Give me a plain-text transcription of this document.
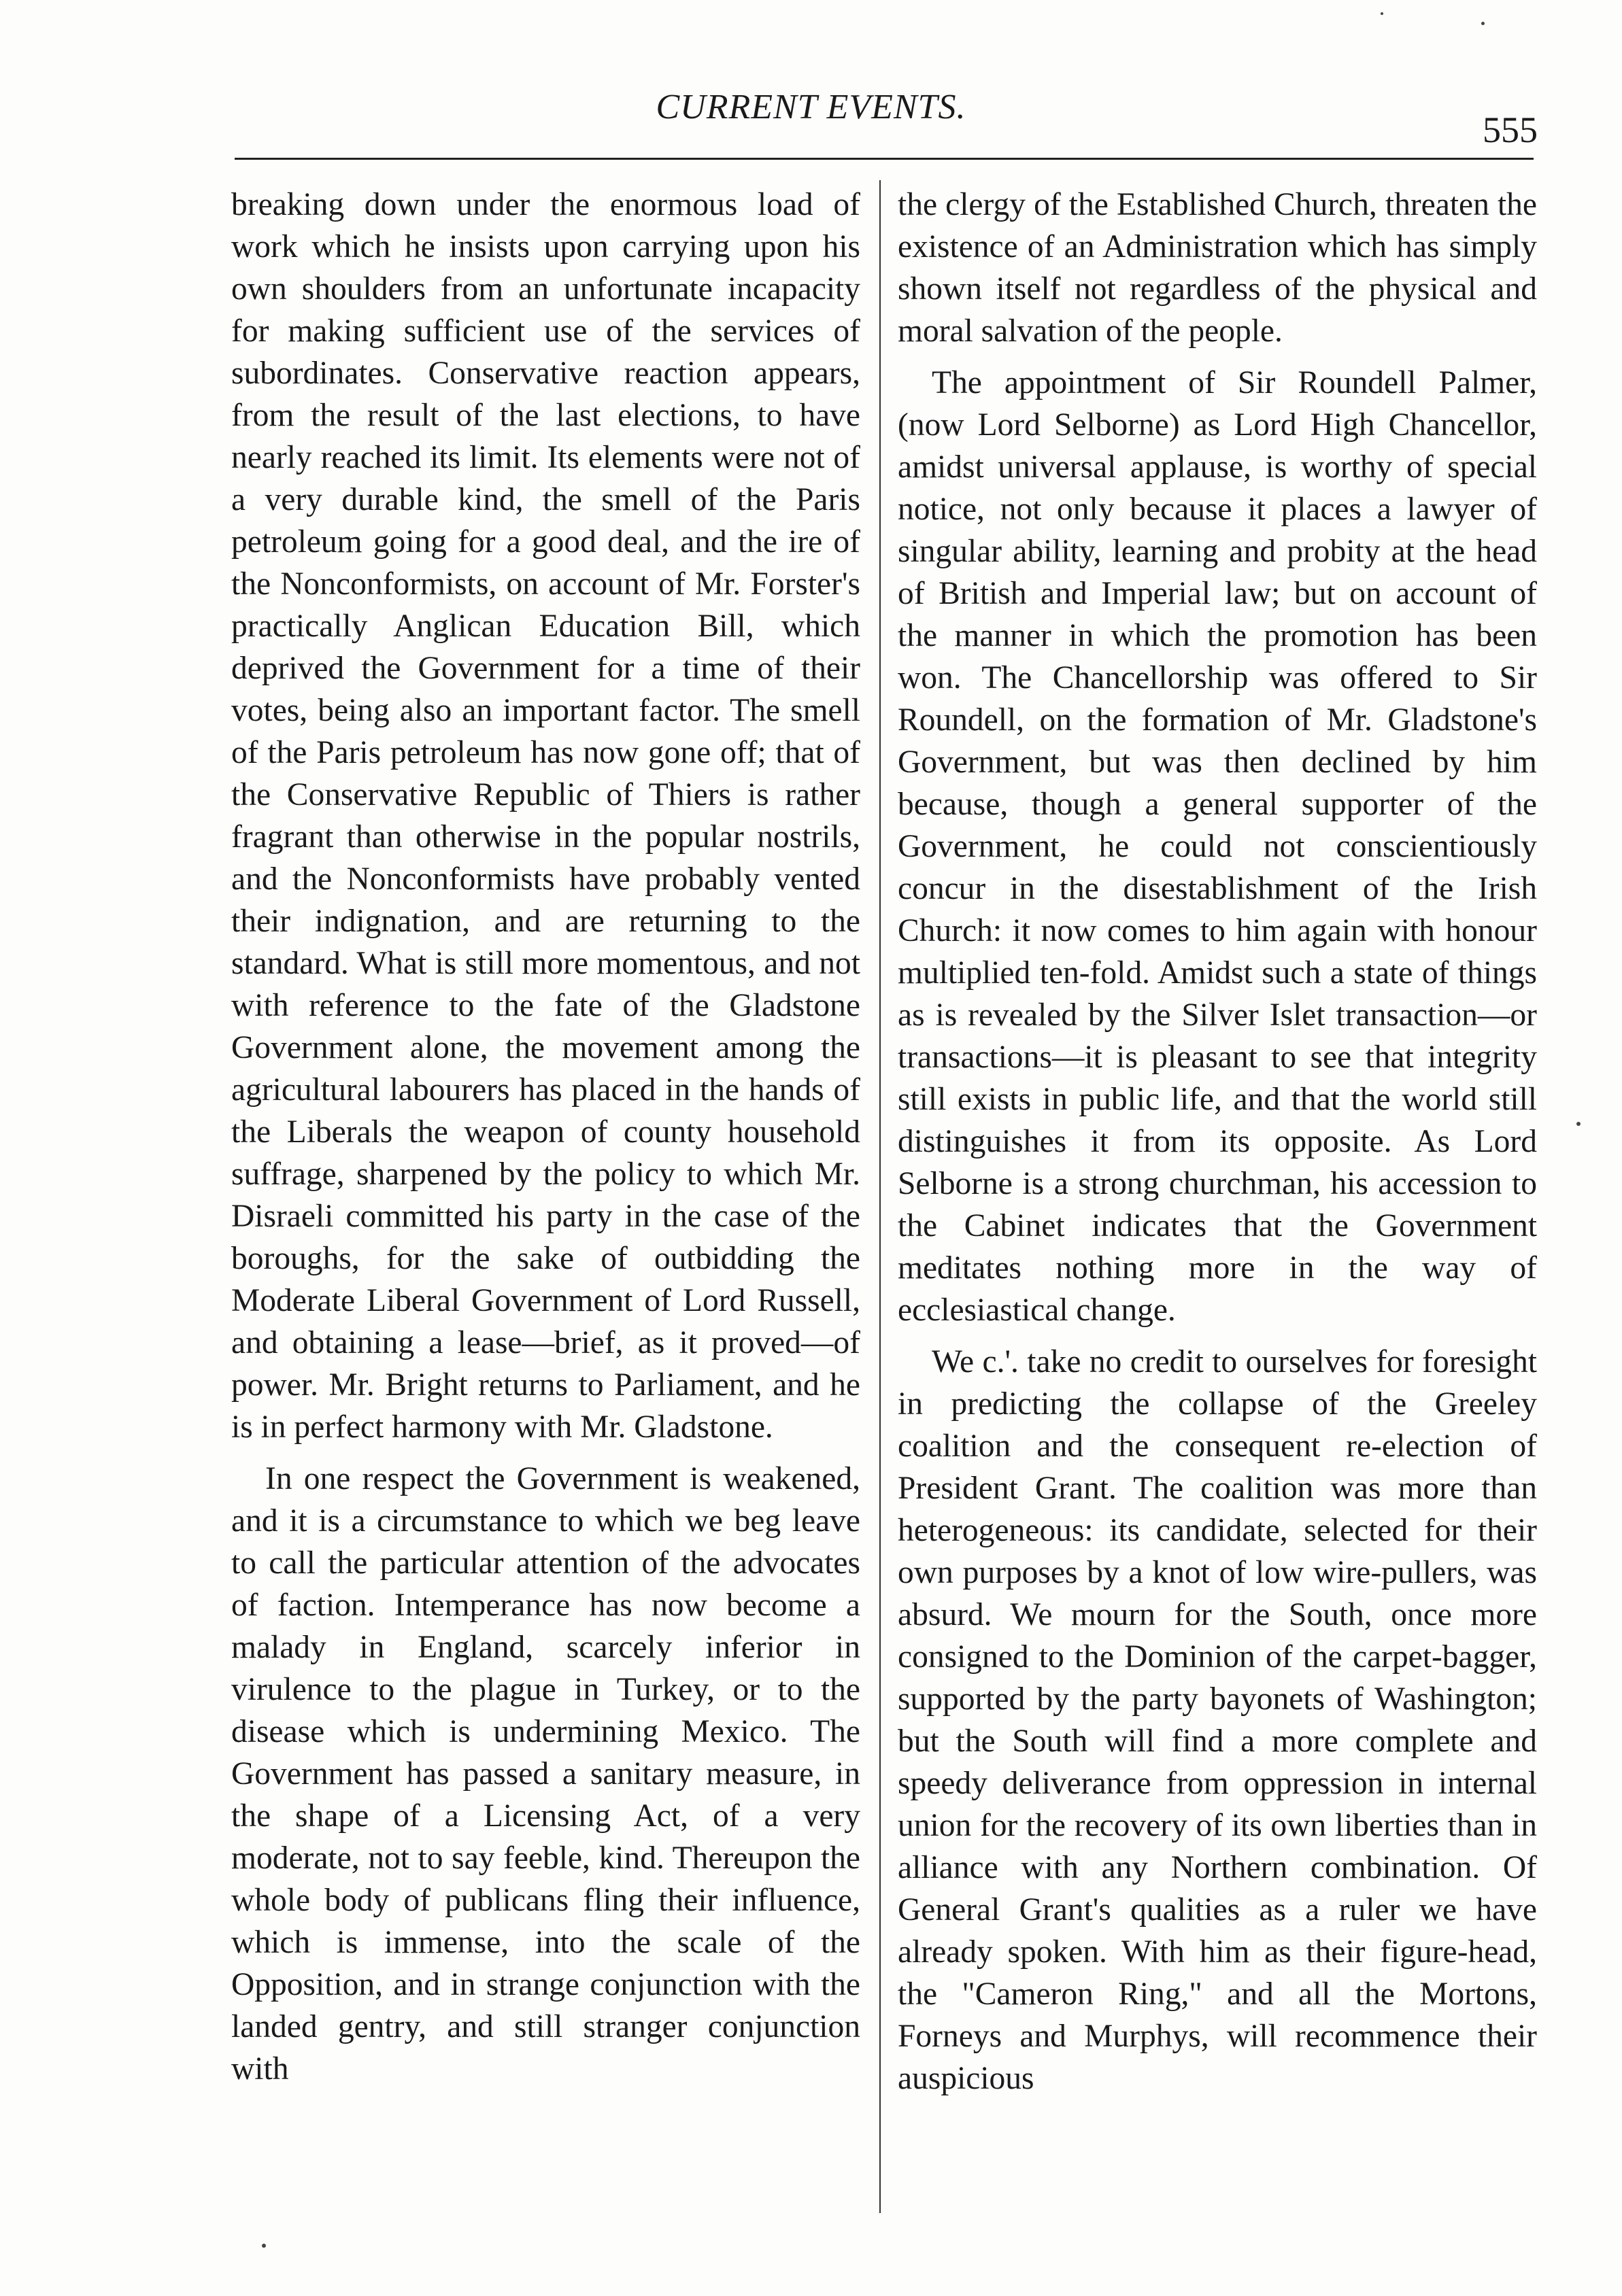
CURRENT EVENTS.
555

breaking down under the enormous load of work which he insists upon carrying upon his own shoulders from an unfortunate incapacity for making sufficient use of the services of subordinates. Conservative reaction appears, from the result of the last elections, to have nearly reached its limit. Its elements were not of a very durable kind, the smell of the Paris petroleum going for a good deal, and the ire of the Nonconformists, on account of Mr. Forster's practically Anglican Education Bill, which deprived the Government for a time of their votes, being also an important factor. The smell of the Paris petroleum has now gone off; that of the Conservative Republic of Thiers is rather fragrant than otherwise in the popular nostrils, and the Nonconformists have probably vented their indignation, and are returning to the standard. What is still more momentous, and not with reference to the fate of the Gladstone Government alone, the movement among the agricultural labourers has placed in the hands of the Liberals the weapon of county household suffrage, sharpened by the policy to which Mr. Disraeli committed his party in the case of the boroughs, for the sake of outbidding the Moderate Liberal Government of Lord Russell, and obtaining a lease—brief, as it proved—of power. Mr. Bright returns to Parliament, and he is in perfect harmony with Mr. Gladstone.

In one respect the Government is weakened, and it is a circumstance to which we beg leave to call the particular attention of the advocates of faction. Intemperance has now become a malady in England, scarcely inferior in virulence to the plague in Turkey, or to the disease which is undermining Mexico. The Government has passed a sanitary measure, in the shape of a Licensing Act, of a very moderate, not to say feeble, kind. Thereupon the whole body of publicans fling their influence, which is immense, into the scale of the Opposition, and in strange conjunction with the landed gentry, and still stranger conjunction with

the clergy of the Established Church, threaten the existence of an Administration which has simply shown itself not regardless of the physical and moral salvation of the people.

The appointment of Sir Roundell Palmer, (now Lord Selborne) as Lord High Chancellor, amidst universal applause, is worthy of special notice, not only because it places a lawyer of singular ability, learning and probity at the head of British and Imperial law; but on account of the manner in which the promotion has been won. The Chancellorship was offered to Sir Roundell, on the formation of Mr. Gladstone's Government, but was then declined by him because, though a general supporter of the Government, he could not conscientiously concur in the disestablishment of the Irish Church: it now comes to him again with honour multiplied ten-fold. Amidst such a state of things as is revealed by the Silver Islet transaction—or transactions—it is pleasant to see that integrity still exists in public life, and that the world still distinguishes it from its opposite. As Lord Selborne is a strong churchman, his accession to the Cabinet indicates that the Government meditates nothing more in the way of ecclesiastical change.

We c.'. take no credit to ourselves for foresight in predicting the collapse of the Greeley coalition and the consequent re-election of President Grant. The coalition was more than heterogeneous: its candidate, selected for their own purposes by a knot of low wire-pullers, was absurd. We mourn for the South, once more consigned to the Dominion of the carpet-bagger, supported by the party bayonets of Washington; but the South will find a more complete and speedy deliverance from oppression in internal union for the recovery of its own liberties than in alliance with any Northern combination. Of General Grant's qualities as a ruler we have already spoken. With him as their figure-head, the "Cameron Ring," and all the Mortons, Forneys and Murphys, will recommence their auspicious
